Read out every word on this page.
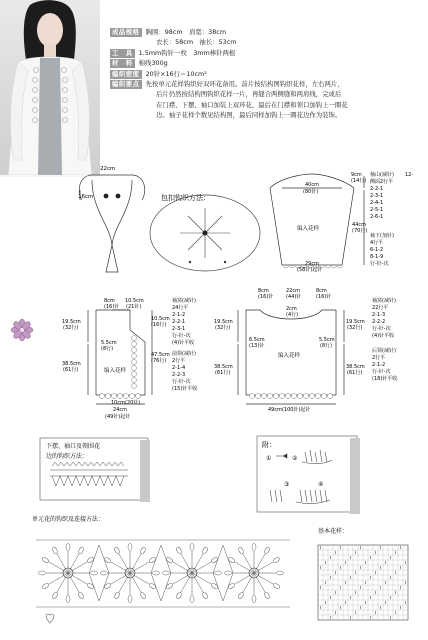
成品规格 胸围：98cm　肩宽：38cm
衣长：58cm　袖长：53cm
工　具 1.5mm钩针一枚　3mm棒针两根
材　料 棉线300g
编织密度 20针×16行＝10cm²
编织要点 先按单元花样钩织好双环花备用。前片按结构图钩织花样，左右两片，
后片仍然按结构图钩织花样一片，再缝合两侧缝和两肩线，完成后
在门襟、下摆、袖口加装上双环花，最后在门襟和领口加钩上一圈花
边。袖子花样个数见结构图，最后同样加钩上一圈花边作为装饰。
22cm
16cm	包扣钩织方法：
40cm
(80针)
9cm
(14行)
44cm
(70行)
编入花样
29cm
(58针)起针
袖山(减针) 12-
侧面2行平
2-2-1
2-3-1
2-4-1
2-5-1
2-6-1
袖下(加针)
4行平
6-1-2
8-1-9
行-针-次
8cm
(16)针
10.5cm
(21针)
19.5cm
(32行)
10.5cm
(16行)
47.5cm
(76行)
5.5cm
(8行)
38.5cm
(61行)	编入花样
10cm(20针)
24cm
(49针)起针
袖窝(减针)
24行平
2-1-2
2-2-1
2-3-1
行-针-次
(4)针平收
前领(减针)
2行平
2-1-4
2-2-3
行-针-次
(15)针平收
8cm
(16)针
22cm
(44)针
8cm
(16)针
2cm
(4行)
19.5cm
(32行)
6.5cm
(13)针
5.5cm
(8行)
19.5cm
(32行)
38.5cm
(61行)
38.5cm
(61行)
编入花样
49cm(100针)起针
袖窝(减针)
22行平
2-1-3
2-2-2
行-针-次
(4)针平收
后领(减针)
2行平
2-1-2
行-针-次
(18)针平收
下摆、袖口及领围花
边的钩织方法：
附：
①	②
③	④
单元花的钩织及连接方法：
基本花样：
